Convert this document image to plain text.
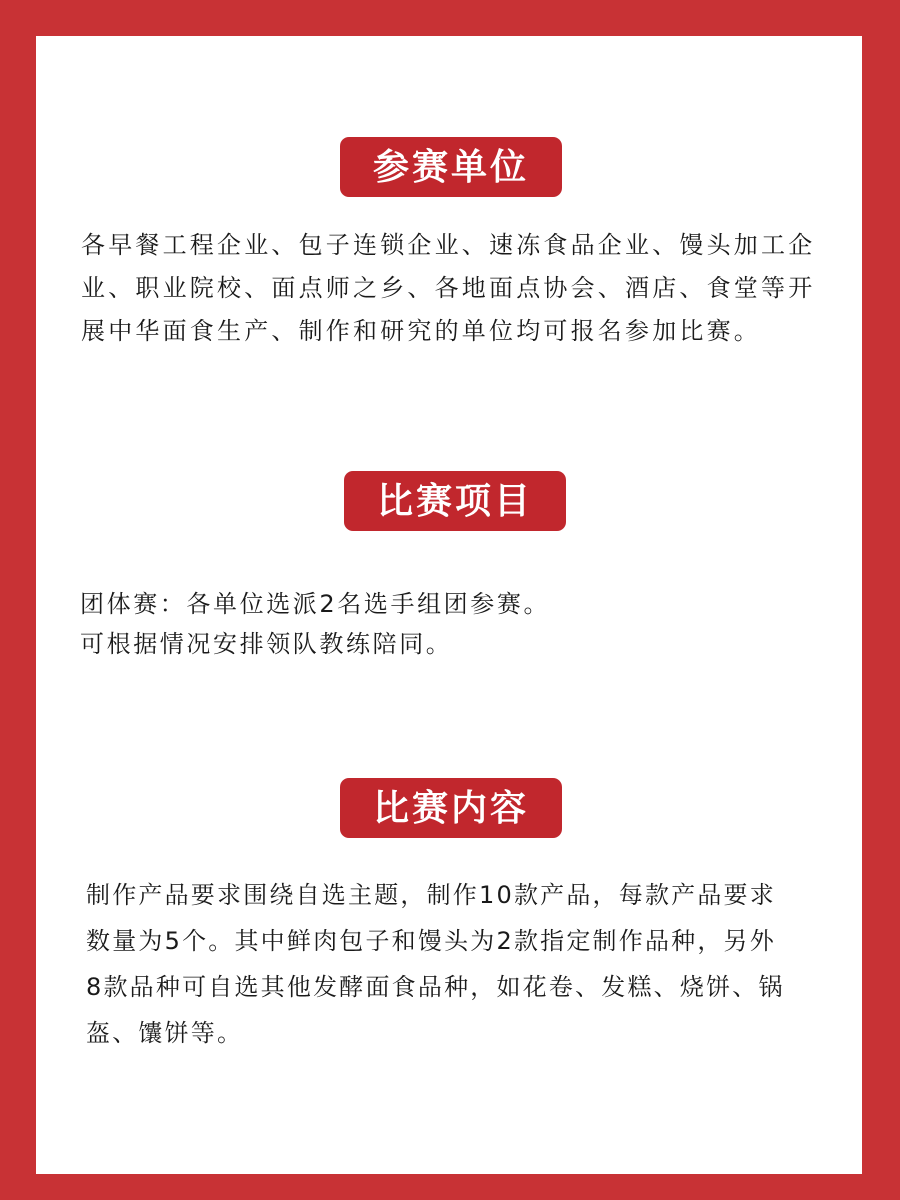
参赛单位

各早餐工程企业、包子连锁企业、速冻食品企业、馒头加工企
业、职业院校、面点师之乡、各地面点协会、酒店、食堂等开
展中华面食生产、制作和研究的单位均可报名参加比赛。

比赛项目

团体赛：各单位选派2名选手组团参赛。
可根据情况安排领队教练陪同。

比赛内容

制作产品要求围绕自选主题，制作10款产品，每款产品要求
数量为5个。其中鲜肉包子和馒头为2款指定制作品种，另外
8款品种可自选其他发酵面食品种，如花卷、发糕、烧饼、锅
盔、馕饼等。
